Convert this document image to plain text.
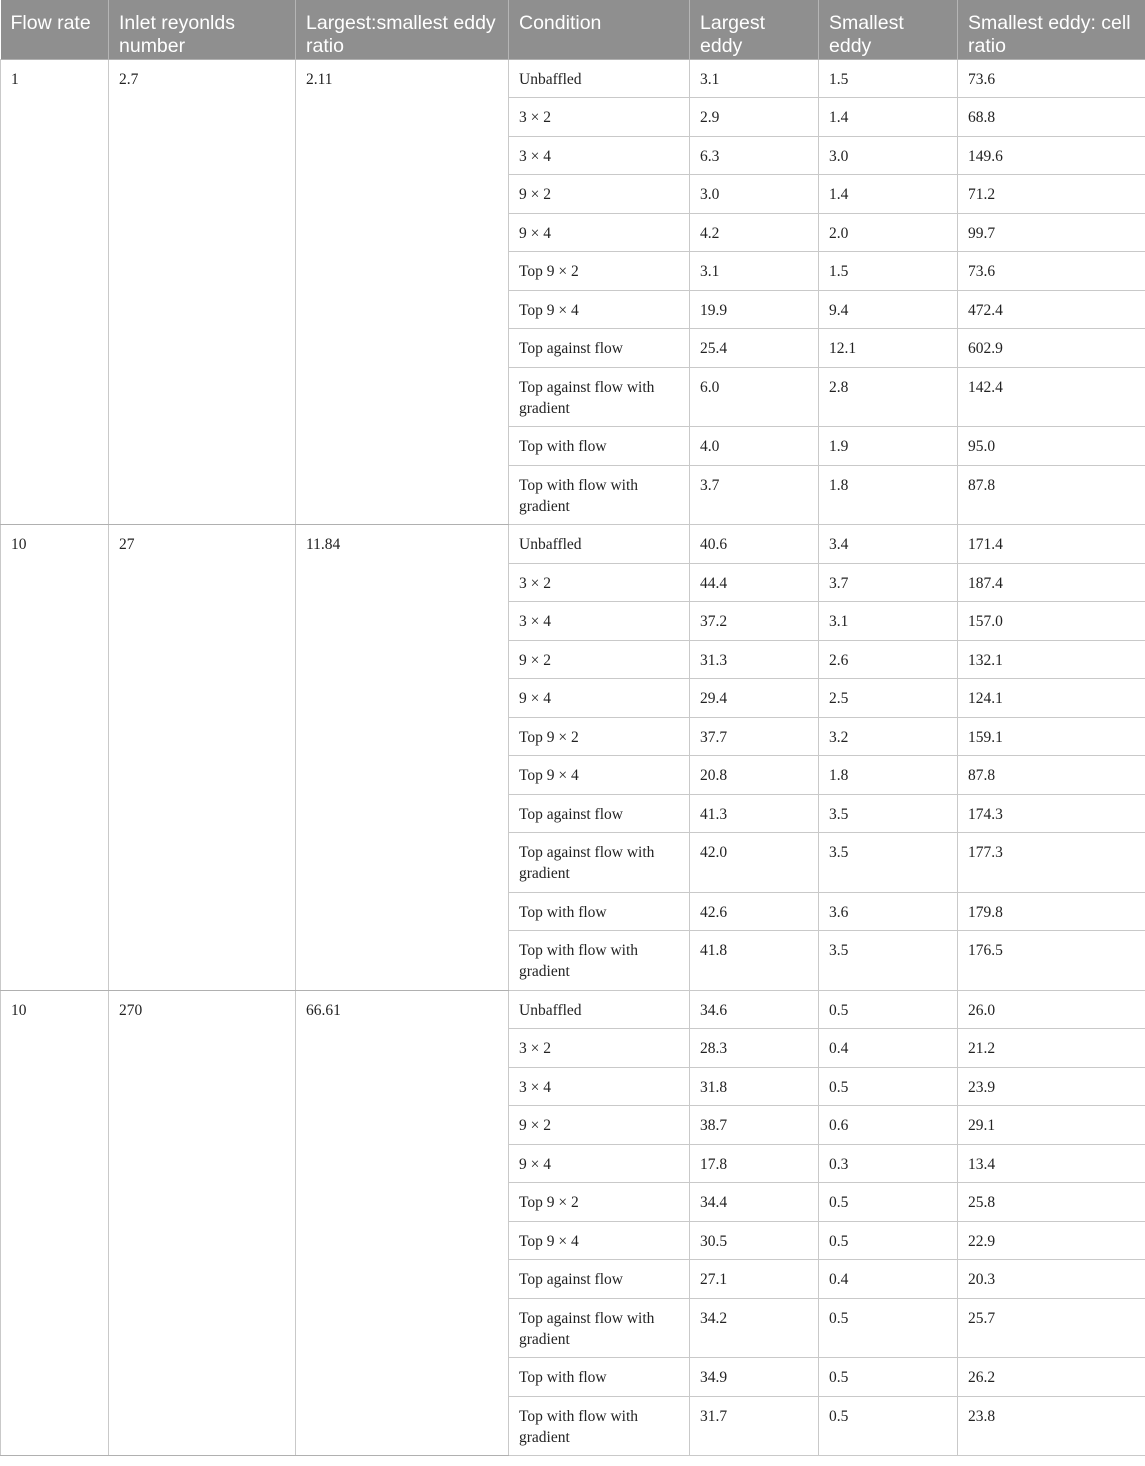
Flow rate	Inlet reyonlds number	Largest:smallest eddy ratio	Condition	Largest eddy	Smallest eddy	Smallest eddy: cell ratio
1	2.7	2.11	Unbaffled	3.1	1.5	73.6
			3 × 2	2.9	1.4	68.8
			3 × 4	6.3	3.0	149.6
			9 × 2	3.0	1.4	71.2
			9 × 4	4.2	2.0	99.7
			Top 9 × 2	3.1	1.5	73.6
			Top 9 × 4	19.9	9.4	472.4
			Top against flow	25.4	12.1	602.9
			Top against flow with gradient	6.0	2.8	142.4
			Top with flow	4.0	1.9	95.0
			Top with flow with gradient	3.7	1.8	87.8
10	27	11.84	Unbaffled	40.6	3.4	171.4
			3 × 2	44.4	3.7	187.4
			3 × 4	37.2	3.1	157.0
			9 × 2	31.3	2.6	132.1
			9 × 4	29.4	2.5	124.1
			Top 9 × 2	37.7	3.2	159.1
			Top 9 × 4	20.8	1.8	87.8
			Top against flow	41.3	3.5	174.3
			Top against flow with gradient	42.0	3.5	177.3
			Top with flow	42.6	3.6	179.8
			Top with flow with gradient	41.8	3.5	176.5
10	270	66.61	Unbaffled	34.6	0.5	26.0
			3 × 2	28.3	0.4	21.2
			3 × 4	31.8	0.5	23.9
			9 × 2	38.7	0.6	29.1
			9 × 4	17.8	0.3	13.4
			Top 9 × 2	34.4	0.5	25.8
			Top 9 × 4	30.5	0.5	22.9
			Top against flow	27.1	0.4	20.3
			Top against flow with gradient	34.2	0.5	25.7
			Top with flow	34.9	0.5	26.2
			Top with flow with gradient	31.7	0.5	23.8
